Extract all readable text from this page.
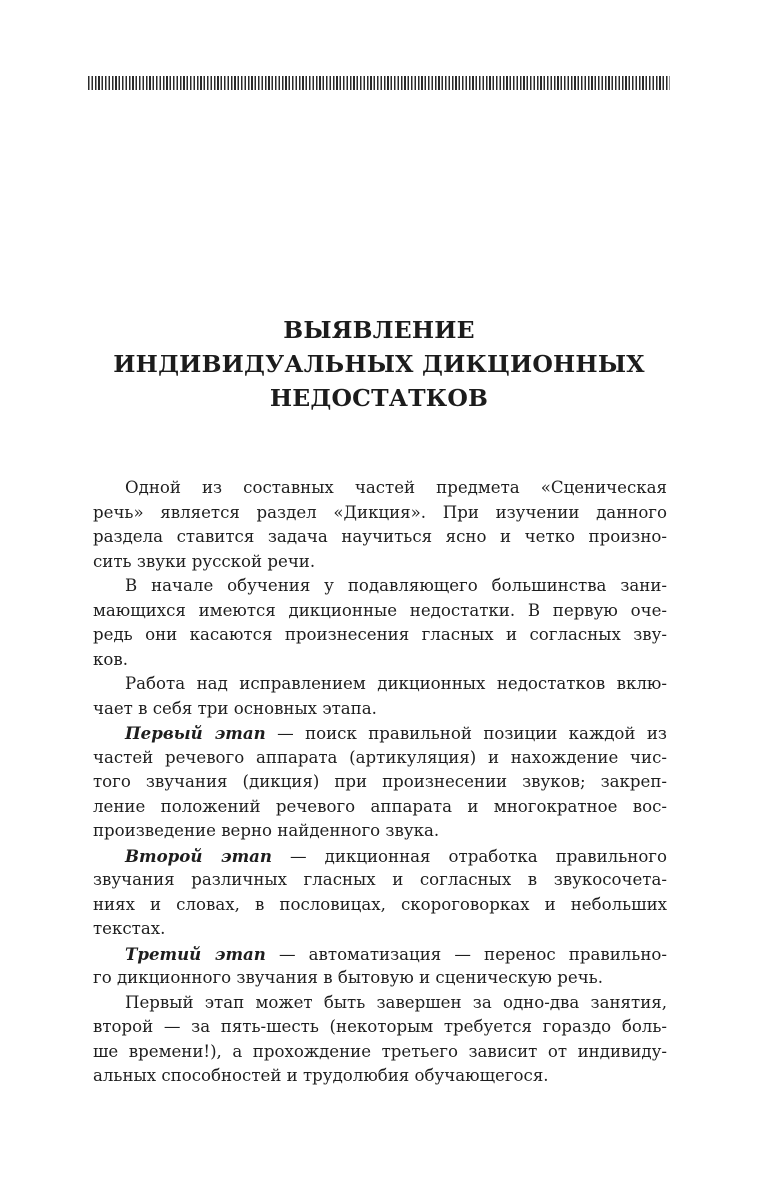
ВЫЯВЛЕНИЕ
ИНДИВИДУАЛЬНЫХ ДИКЦИОННЫХ
НЕДОСТАТКОВ
Одной из составных частей предмета «Сценическая
речь» является раздел «Дикция». При изучении данного
раздела ставится задача научиться ясно и четко произно-
сить звуки русской речи.
В начале обучения у подавляющего большинства зани-
мающихся имеются дикционные недостатки. В первую оче-
редь они касаются произнесения гласных и согласных зву-
ков.
Работа над исправлением дикционных недостатков вклю-
чает в себя три основных этапа.
Первый этап — поиск правильной позиции каждой из
частей речевого аппарата (артикуляция) и нахождение чис-
того звучания (дикция) при произнесении звуков; закреп-
ление положений речевого аппарата и многократное вос-
произведение верно найденного звука.
Второй этап — дикционная отработка правильного
звучания различных гласных и согласных в звукосочета-
ниях и словах, в пословицах, скороговорках и небольших
текстах.
Третий этап — автоматизация — перенос правильно-
го дикционного звучания в бытовую и сценическую речь.
Первый этап может быть завершен за одно-два занятия,
второй — за пять-шесть (некоторым требуется гораздо боль-
ше времени!), а прохождение третьего зависит от индивиду-
альных способностей и трудолюбия обучающегося.
